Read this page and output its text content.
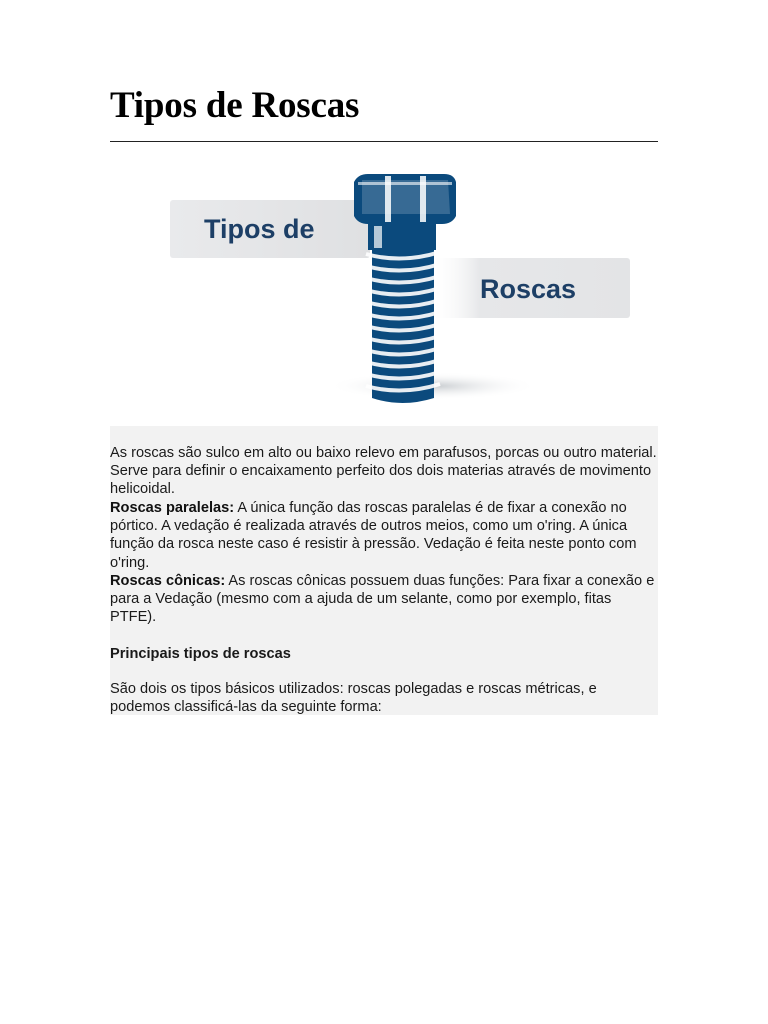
Tipos de Roscas
Tipos de
Roscas

As roscas são sulco em alto ou baixo relevo em parafusos, porcas ou outro material. Serve para definir o encaixamento perfeito dos dois materias através de movimento helicoidal.

Roscas paralelas: A única função das roscas paralelas é de fixar a conexão no pórtico. A vedação é realizada através de outros meios, como um o'ring. A única função da rosca neste caso é resistir à pressão. Vedação é feita neste ponto com o'ring.

Roscas cônicas: As roscas cônicas possuem duas funções: Para fixar a conexão e para a Vedação (mesmo com a ajuda de um selante, como por exemplo, fitas PTFE).

Principais tipos de roscas

São dois os tipos básicos utilizados: roscas polegadas e roscas métricas, e podemos classificá-las da seguinte forma:
